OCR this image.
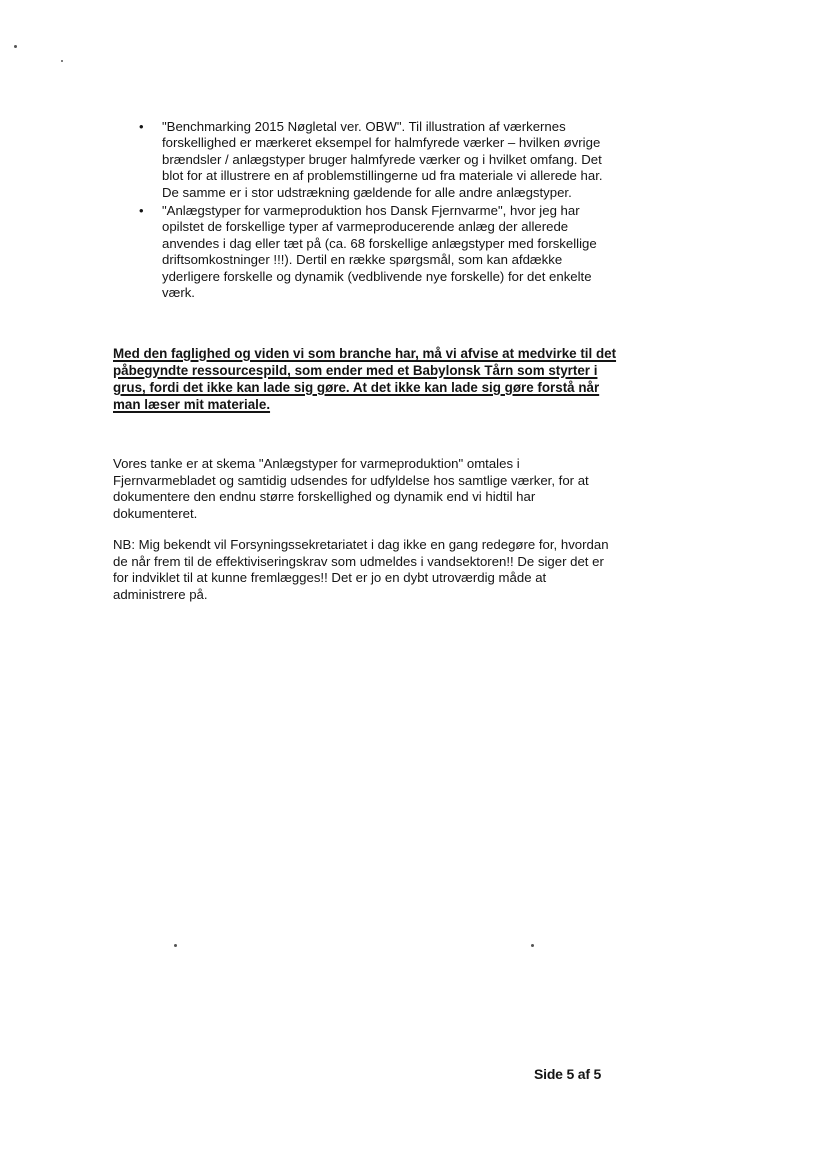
• "Benchmarking 2015 Nøgletal ver. OBW". Til illustration af værkernes forskellighed er mærkeret eksempel for halmfyrede værker – hvilken øvrige brændsler / anlægstyper bruger halmfyrede værker og i hvilket omfang. Det blot for at illustrere en af problemstillingerne ud fra materiale vi allerede har. De samme er i stor udstrækning gældende for alle andre anlægstyper.
• "Anlægstyper for varmeproduktion hos Dansk Fjernvarme", hvor jeg har opilstet de forskellige typer af varmeproducerende anlæg der allerede anvendes i dag eller tæt på (ca. 68 forskellige anlægstyper med forskellige driftsomkostninger !!!). Dertil en række spørgsmål, som kan afdække yderligere forskelle og dynamik (vedblivende nye forskelle) for det enkelte værk.
Med den faglighed og viden vi som branche har, må vi afvise at medvirke til det påbegyndte ressourcespild, som ender med et Babylonsk Tårn som styrter i grus, fordi det ikke kan lade sig gøre. At det ikke kan lade sig gøre forstå når man læser mit materiale.

Vores tanke er at skema "Anlægstyper for varmeproduktion" omtales i Fjernvarmebladet og samtidig udsendes for udfyldelse hos samtlige værker, for at dokumentere den endnu større forskellighed og dynamik end vi hidtil har dokumenteret.

NB: Mig bekendt vil Forsyningssekretariatet i dag ikke en gang redegøre for, hvordan de når frem til de effektiviseringskrav som udmeldes i vandsektoren!! De siger det er for indviklet til at kunne fremlægges!! Det er jo en dybt utroværdig måde at administrere på.

Side 5 af 5
